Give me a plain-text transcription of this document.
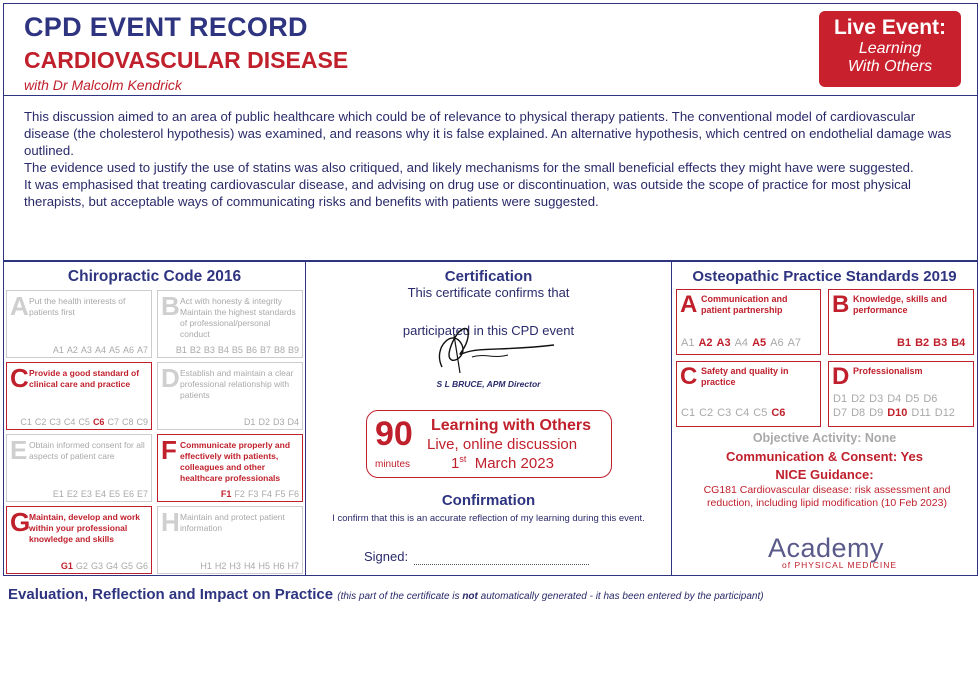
CPD EVENT RECORD
CARDIOVASCULAR DISEASE
with Dr Malcolm Kendrick
Live Event:
Learning
With Others

This discussion aimed to an area of public healthcare which could be of relevance to physical therapy patients. The conventional model of cardiovascular disease (the cholesterol hypothesis) was examined, and reasons why it is false explained. An alternative hypothesis, which centred on endothelial damage was outlined.

The evidence used to justify the use of statins was also critiqued, and likely mechanisms for the small beneficial effects they might have were suggested.

It was emphasised that treating cardiovascular disease, and advising on drug use or discontinuation, was outside the scope of practice for most physical therapists, but acceptable ways of communicating risks and benefits with patients were suggested.

Chiropractic Code 2016
A Put the health interests of patients first
A1 A2 A3 A4 A5 A6 A7
B Act with honesty & integrity Maintain the highest standards of professional/personal conduct
B1 B2 B3 B4 B5 B6 B7 B8 B9
C Provide a good standard of clinical care and practice
C1 C2 C3 C4 C5 C6 C7 C8 C9
D Establish and maintain a clear professional relationship with patients
D1 D2 D3 D4
E Obtain informed consent for all aspects of patient care
E1 E2 E3 E4 E5 E6 E7
F Communicate properly and effectively with patients, colleagues and other healthcare professionals
F1 F2 F3 F4 F5 F6
G
Maintain, develop and work within your professional knowledge and skills
G1 G2 G3 G4 G5 G6
H Maintain and protect patient information
H1 H2 H3 H4 H5 H6 H7
Certification
This certificate confirms that
participated in this CPD event
S L BRUCE, APM Director
90
minutes
Learning with Others
Live, online discussion
1st March 2023
Confirmation
I confirm that this is an accurate reflection of my learning during this event.
Signed:
Osteopathic Practice Standards 2019
A Communication and patient partnership
A1 A2 A3 A4 A5 A6 A7
B Knowledge, skills and performance
B1 B2 B3 B4
C Safety and quality in practice
C1 C2 C3 C4 C5 C6
D Professionalism
D1 D2 D3 D4 D5 D6
D7 D8 D9 D10 D11 D12
Objective Activity: None
Communication & Consent: Yes
NICE Guidance:
CG181 Cardiovascular disease: risk assessment and reduction, including lipid modification (10 Feb 2023)
Academy
of PHYSICAL MEDICINE
Evaluation, Reflection and Impact on Practice (this part of the certificate is not automatically generated - it has been entered by the participant)
